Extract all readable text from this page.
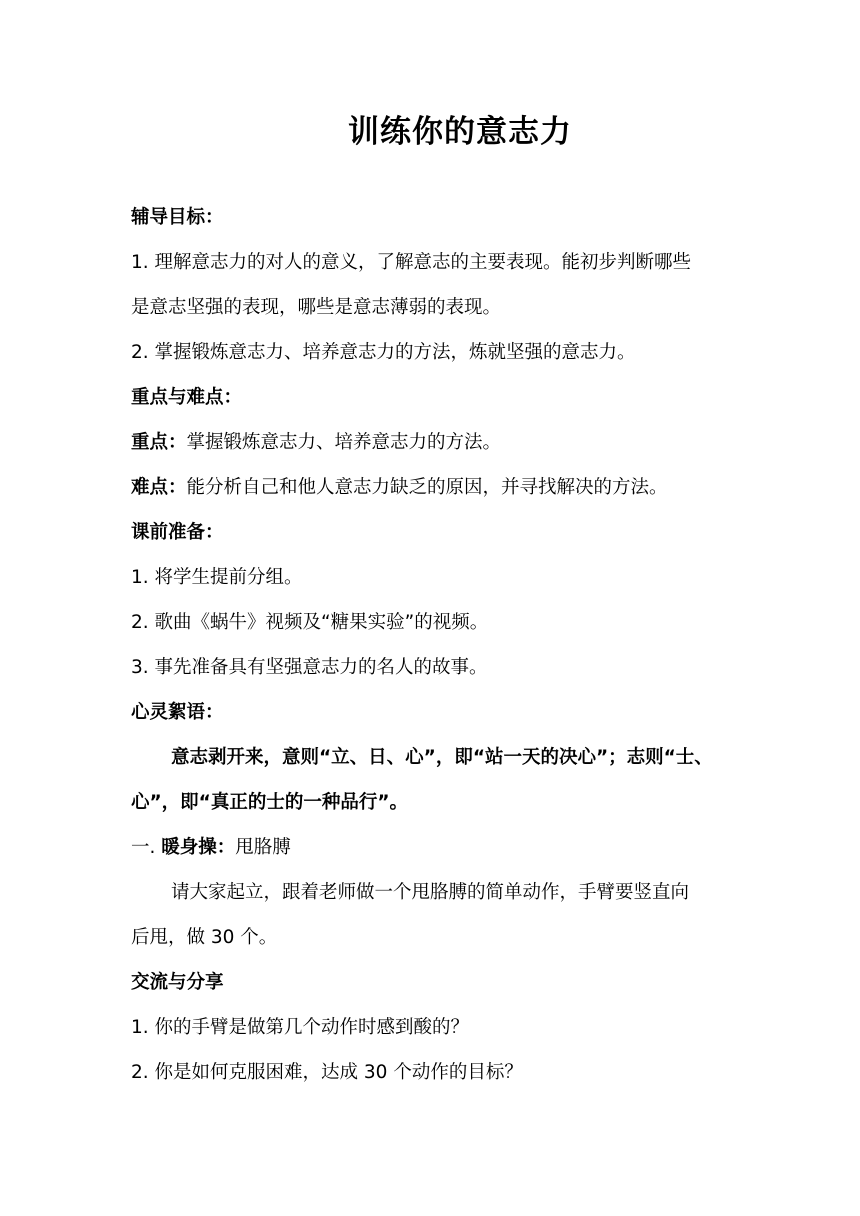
训练你的意志力
辅导目标：
1. 理解意志力的对人的意义，了解意志的主要表现。能初步判断哪些
是意志坚强的表现，哪些是意志薄弱的表现。
2. 掌握锻炼意志力、培养意志力的方法，炼就坚强的意志力。
重点与难点：
重点：掌握锻炼意志力、培养意志力的方法。
难点：能分析自己和他人意志力缺乏的原因，并寻找解决的方法。
课前准备：
1. 将学生提前分组。
2. 歌曲《蜗牛》视频及“糖果实验”的视频。
3. 事先准备具有坚强意志力的名人的故事。
心灵絮语：
意志剥开来，意则“立、日、心”，即“站一天的决心”；志则“士、
心”，即“真正的士的一种品行”。
一. 暖身操：甩胳膊
请大家起立，跟着老师做一个甩胳膊的简单动作，手臂要竖直向
后甩，做 30 个。
交流与分享
1. 你的手臂是做第几个动作时感到酸的？
2. 你是如何克服困难，达成 30 个动作的目标？
